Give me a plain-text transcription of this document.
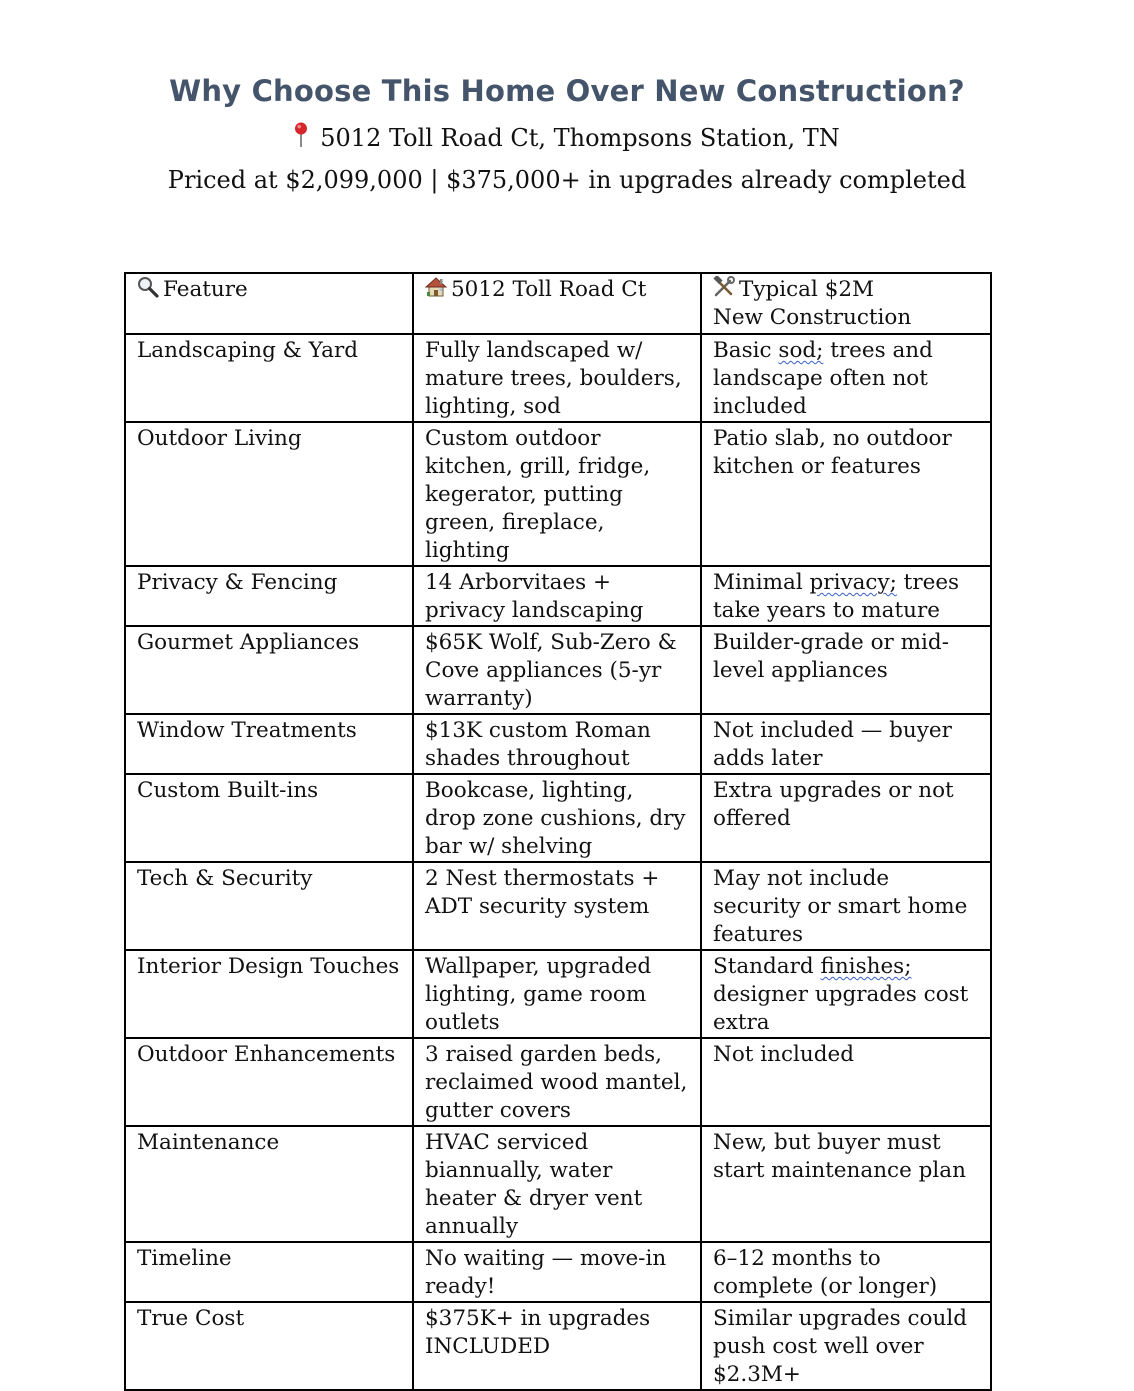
Why Choose This Home Over New Construction?
5012 Toll Road Ct, Thompsons Station, TN
Priced at $2,099,000 | $375,000+ in upgrades already completed
Feature	5012 Toll Road Ct	Typical $2M
New Construction
Landscaping & Yard	Fully landscaped w/ mature trees, boulders, lighting, sod	Basic sod; trees and landscape often not included
Outdoor Living	Custom outdoor kitchen, grill, fridge, kegerator, putting green, fireplace, lighting	Patio slab, no outdoor kitchen or features
Privacy & Fencing	14 Arborvitaes + privacy landscaping	Minimal privacy; trees take years to mature
Gourmet Appliances	$65K Wolf, Sub-Zero & Cove appliances (5-yr warranty)	Builder-grade or mid-level appliances
Window Treatments	$13K custom Roman shades throughout	Not included — buyer adds later
Custom Built-ins	Bookcase, lighting, drop zone cushions, dry bar w/ shelving	Extra upgrades or not offered
Tech & Security	2 Nest thermostats + ADT security system	May not include security or smart home features
Interior Design Touches	Wallpaper, upgraded lighting, game room outlets	Standard finishes; designer upgrades cost extra
Outdoor Enhancements	3 raised garden beds, reclaimed wood mantel, gutter covers	Not included
Maintenance	HVAC serviced biannually, water heater & dryer vent annually	New, but buyer must start maintenance plan
Timeline	No waiting — move-in ready!	6–12 months to complete (or longer)
True Cost	$375K+ in upgrades INCLUDED	Similar upgrades could push cost well over $2.3M+
